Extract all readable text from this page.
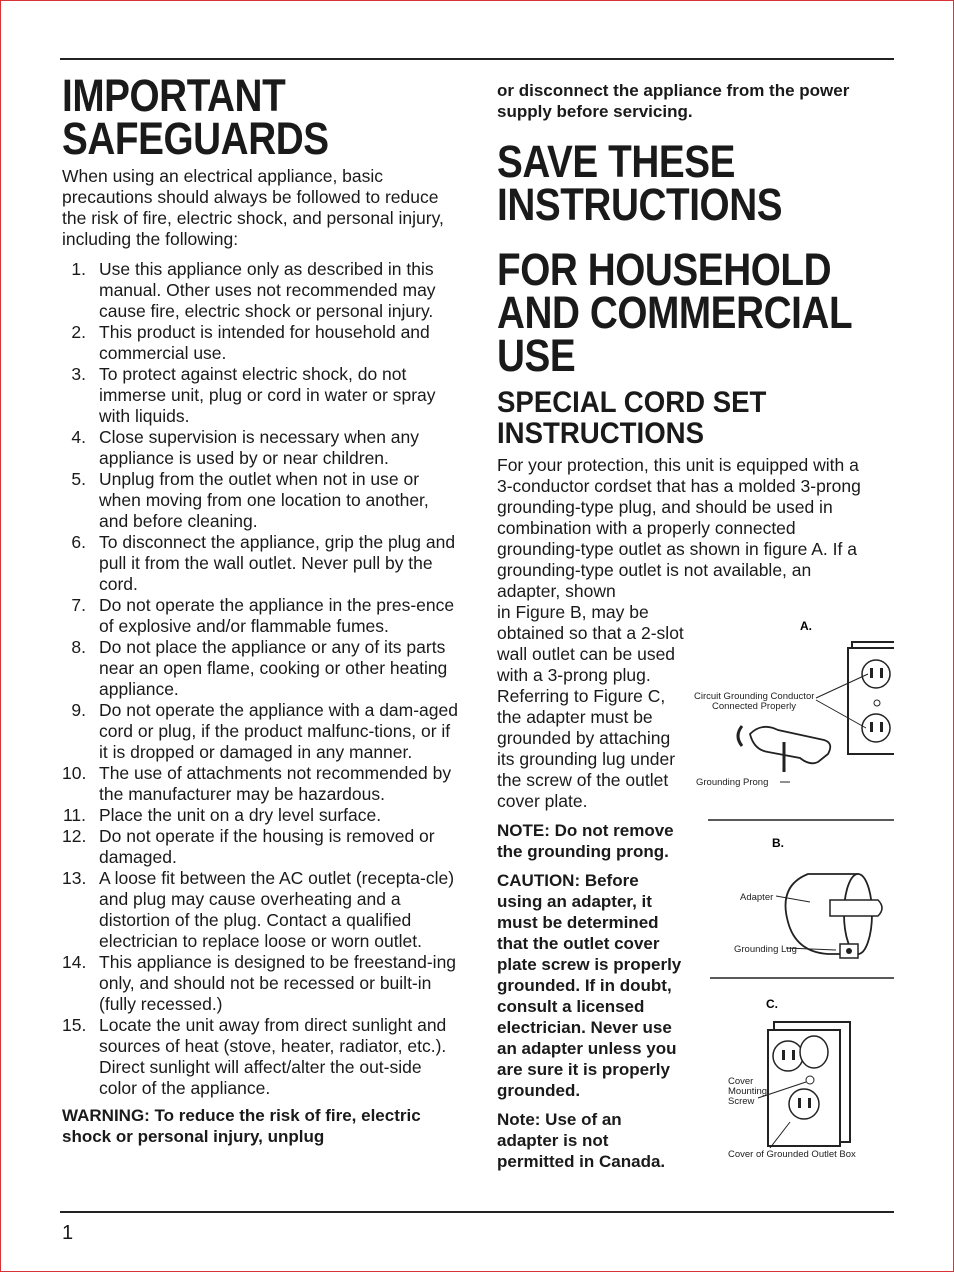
IMPORTANT
SAFEGUARDS

When using an electrical appliance, basic precautions should always be followed to reduce the risk of fire, electric shock, and personal injury, including the following:

1. Use this appliance only as described in this manual. Other uses not recommended may cause fire, electric shock or personal injury.
2. This product is intended for household and commercial use.
3. To protect against electric shock, do not immerse unit, plug or cord in water or spray with liquids.
4. Close supervision is necessary when any appliance is used by or near children.
5. Unplug from the outlet when not in use or when moving from one location to another, and before cleaning.
6. To disconnect the appliance, grip the plug and pull it from the wall outlet. Never pull by the cord.
7. Do not operate the appliance in the pres-ence of explosive and/or flammable fumes.
8. Do not place the appliance or any of its parts near an open flame, cooking or other heating appliance.
9. Do not operate the appliance with a dam-aged cord or plug, if the product malfunc-tions, or if it is dropped or damaged in any manner.
10. The use of attachments not recommended by the manufacturer may be hazardous.
11. Place the unit on a dry level surface.
12. Do not operate if the housing is removed or damaged.
13. A loose fit between the AC outlet (recepta-cle) and plug may cause overheating and a distortion of the plug. Contact a qualified electrician to replace loose or worn outlet.
14. This appliance is designed to be freestand-ing only, and should not be recessed or built-in (fully recessed.)
15. Locate the unit away from direct sunlight and sources of heat (stove, heater, radiator, etc.). Direct sunlight will affect/alter the out-side color of the appliance.

WARNING: To reduce the risk of fire, electric shock or personal injury, unplug

or disconnect the appliance from the power supply before servicing.

SAVE THESE
INSTRUCTIONS
FOR HOUSEHOLD
AND COMMERCIAL
USE
SPECIAL CORD SET
INSTRUCTIONS

For your protection, this unit is equipped with a 3-conductor cordset that has a molded 3-prong grounding-type plug, and should be used in combination with a properly connected grounding-type outlet as shown in figure A. If a grounding-type outlet is not available, an adapter, shown

in Figure B, may be obtained so that a 2-slot wall outlet can be used with a 3-prong plug. Referring to Figure C, the adapter must be grounded by attaching its grounding lug under the screw of the outlet cover plate.

NOTE: Do not remove the grounding prong.

CAUTION: Before using an adapter, it must be determined that the outlet cover plate screw is properly grounded. If in doubt, consult a licensed electrician. Never use an adapter unless you are sure it is properly grounded.

Note: Use of an adapter is not permitted in Canada.

A.
Circuit Grounding Conductor
Connected Properly
Grounding Prong
B.
Adapter
Grounding Lug
C.
Cover
Mounting
Screw
Cover of Grounded Outlet Box
1
